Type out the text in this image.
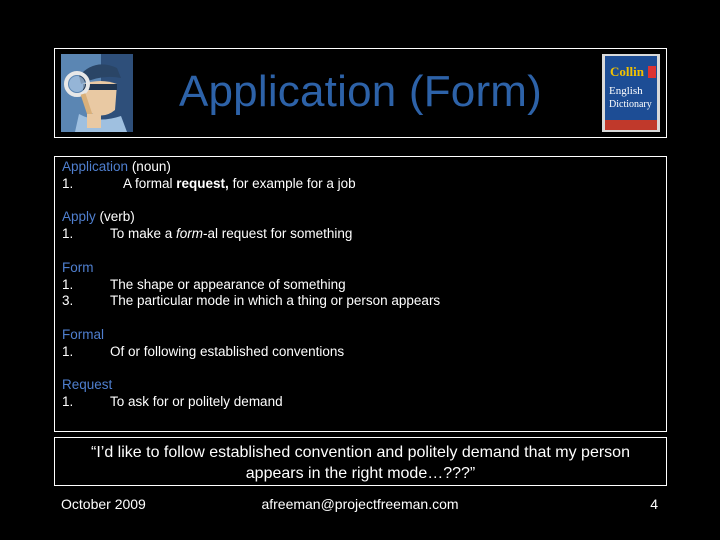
Application (Form)	Collin
English
Dictionary
Application (noun)
1.	A formal request, for example for a job
Apply (verb)
1.	To make a form-al request for something
Form
1.	The shape or appearance of something
3.	The particular mode in which a thing or person appears
Formal
1.	Of or following established conventions
Request
1.	To ask for or politely demand
“I’d like to follow established convention and politely demand that my person appears in the right mode…???”
October 2009	afreeman@projectfreeman.com	4
